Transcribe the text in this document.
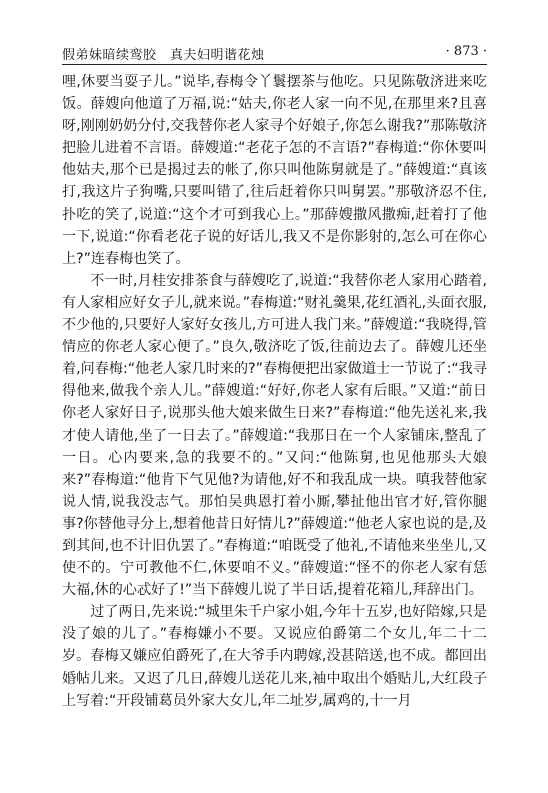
假弟妹暗续鸾胶　真夫妇明谐花烛	· 873 ·

哩,休要当耍子儿。”说毕,春梅令丫鬟摆茶与他吃。只见陈敬济进来吃饭。薛嫂向他道了万福,说:“姑夫,你老人家一向不见,在那里来?且喜呀,刚刚奶奶分付,交我替你老人家寻个好娘子,你怎么谢我?”那陈敬济把脸儿进着不言语。薛嫂道:“老花子怎的不言语?”春梅道:“你休要叫他姑夫,那个已是揭过去的帐了,你只叫他陈舅就是了。”薛嫂道:“真该打,我这片子狗嘴,只要叫错了,往后赶着你只叫舅罢。”那敬济忍不住,扑吃的笑了,说道:“这个才可到我心上。”那薛嫂撒风撒痴,赶着打了他一下,说道:“你看老花子说的好话儿,我又不是你影射的,怎么可在你心上?”连春梅也笑了。

不一时,月桂安排茶食与薛嫂吃了,说道:“我替你老人家用心踏着,有人家相应好女子儿,就来说。”春梅道:“财礼羹果,花红酒礼,头面衣服,不少他的,只要好人家好女孩儿,方可进人我门来。”薛嫂道:“我晓得,管情应的你老人家心便了。”良久,敬济吃了饭,往前边去了。薛嫂儿还坐着,问春梅:“他老人家几时来的?”春梅便把出家做道士一节说了:“我寻得他来,做我个亲人儿。”薛嫂道:“好好,你老人家有后眼。”又道:“前日你老人家好日子,说那头他大娘来做生日来?”春梅道:“他先送礼来,我才使人请他,坐了一日去了。”薛嫂道:“我那日在一个人家铺床,整乱了一日。心内要来,急的我要不的。”又问:“他陈舅,也见他那头大娘来?”春梅道:“他肯下气见他?为请他,好不和我乱成一块。嗔我替他家说人情,说我没志气。那怕吴典恩打着小厮,攀扯他出官才好,管你腿事?你替他寻分上,想着他昔日好情儿?”薛嫂道:“他老人家也说的是,及到其间,也不计旧仇罢了。”春梅道:“咱既受了他礼,不请他来坐坐儿,又使不的。宁可教他不仁,休要咱不义。”薛嫂道:“怪不的你老人家有恁大福,休的心忒好了!”当下薛嫂儿说了半日话,提着花箱儿,拜辞出门。

过了两日,先来说:“城里朱千户家小姐,今年十五岁,也好陪嫁,只是没了娘的儿了。”春梅嫌小不要。又说应伯爵第二个女儿,年二十二岁。春梅又嫌应伯爵死了,在大爷手内聘嫁,没甚陪送,也不成。都回出婚帖儿来。又迟了几日,薛嫂儿送花儿来,袖中取出个婚贴儿,大红段子上写着:“开段铺葛员外家大女儿,年二址岁,属鸡的,十一月
